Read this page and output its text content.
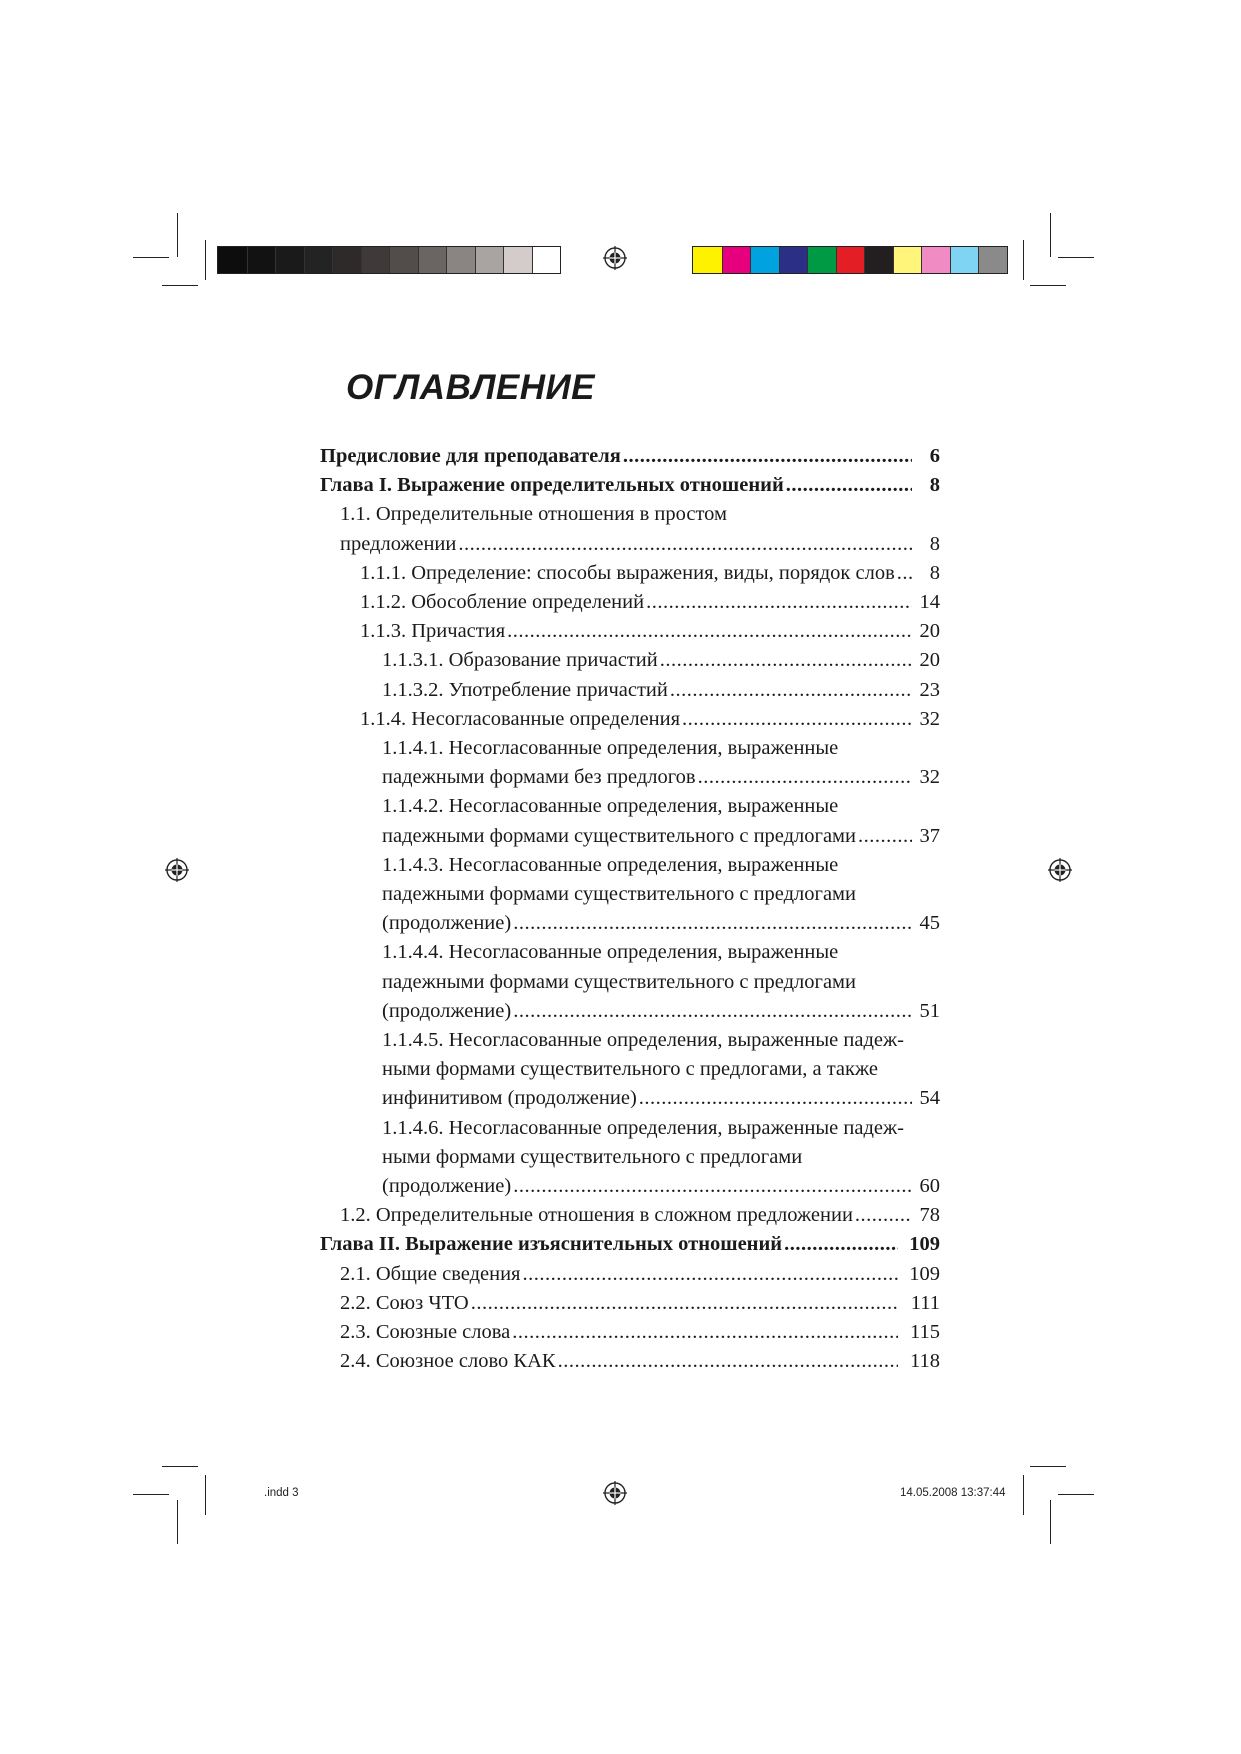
ОГЛАВЛЕНИЕ
Предисловие для преподавателя .....	6
Глава I. Выражение определительных отношений .....	8
1.1. Определительные отношения в простом
предложении .....	8
1.1.1. Определение: способы выражения, виды, порядок слов .....	8
1.1.2. Обособление определений .....	14
1.1.3. Причастия .....	20
1.1.3.1. Образование причастий .....	20
1.1.3.2. Употребление причастий .....	23
1.1.4. Несогласованные определения .....	32
1.1.4.1. Несогласованные определения, выраженные
падежными формами без предлогов .....	32
1.1.4.2. Несогласованные определения, выраженные
падежными формами существительного с предлогами .....	37
1.1.4.3. Несогласованные определения, выраженные
падежными формами существительного с предлогами
(продолжение) .....	45
1.1.4.4. Несогласованные определения, выраженные
падежными формами существительного с предлогами
(продолжение) .....	51
1.1.4.5. Несогласованные определения, выраженные падеж-
ными формами существительного с предлогами, а также
инфинитивом (продолжение) .....	54
1.1.4.6. Несогласованные определения, выраженные падеж-
ными формами существительного с предлогами
(продолжение) .....	60
1.2. Определительные отношения в сложном предложении .....	78
Глава II. Выражение изъяснительных отношений .....	109
2.1. Общие сведения .....	109
2.2. Союз ЧТО .....	111
2.3. Союзные слова .....	115
2.4. Союзное слово КАК .....	118
.indd 3	14.05.2008 13:37:44
